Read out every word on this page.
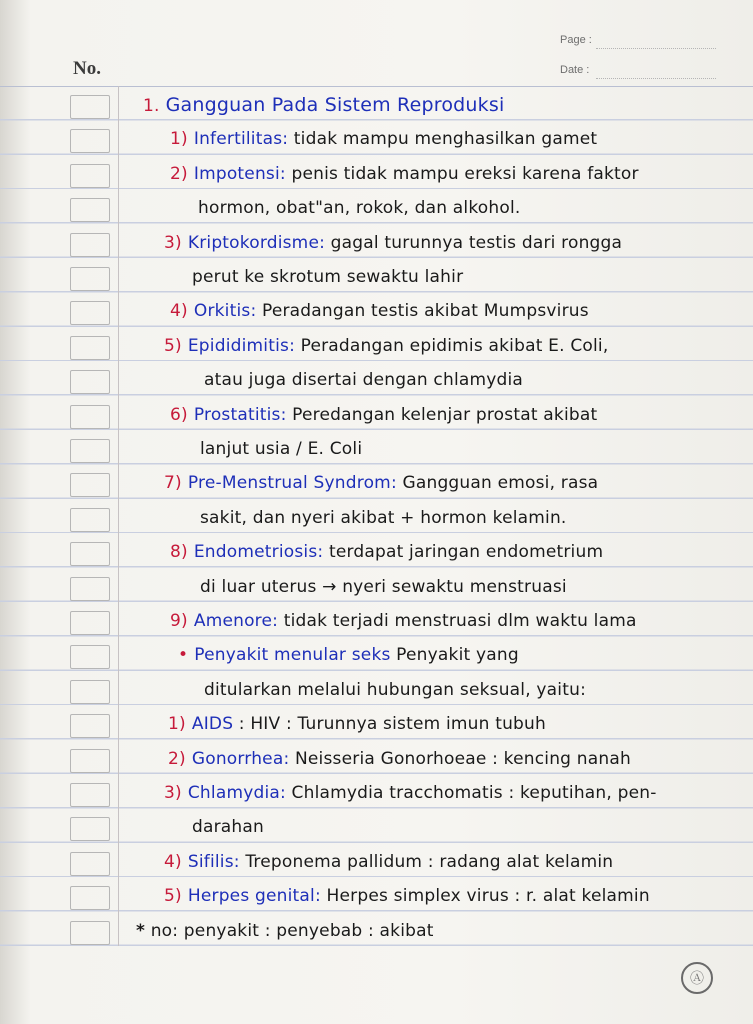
No.
Page :
Date :
1. Gangguan Pada Sistem Reproduksi
1) Infertilitas: tidak mampu menghasilkan gamet
2) Impotensi: penis tidak mampu ereksi karena faktor
hormon, obat"an, rokok, dan alkohol.
3) Kriptokordisme: gagal turunnya testis dari rongga
perut ke skrotum sewaktu lahir
4) Orkitis: Peradangan testis akibat Mumpsvirus
5) Epididimitis: Peradangan epidimis akibat E. Coli,
atau juga disertai dengan chlamydia
6) Prostatitis: Peredangan kelenjar prostat akibat
lanjut usia / E. Coli
7) Pre-Menstrual Syndrom: Gangguan emosi, rasa
sakit, dan nyeri akibat + hormon kelamin.
8) Endometriosis: terdapat jaringan endometrium
di luar uterus → nyeri sewaktu menstruasi
9) Amenore: tidak terjadi menstruasi dlm waktu lama
• Penyakit menular seks Penyakit yang
ditularkan melalui hubungan seksual, yaitu:
1) AIDS : HIV : Turunnya sistem imun tubuh
2) Gonorrhea: Neisseria Gonorhoeae : kencing nanah
3) Chlamydia: Chlamydia tracchomatis : keputihan, pen-
darahan
4) Sifilis: Treponema pallidum : radang alat kelamin
5) Herpes genital: Herpes simplex virus : r. alat kelamin
* no: penyakit : penyebab : akibat
Ⓐ
